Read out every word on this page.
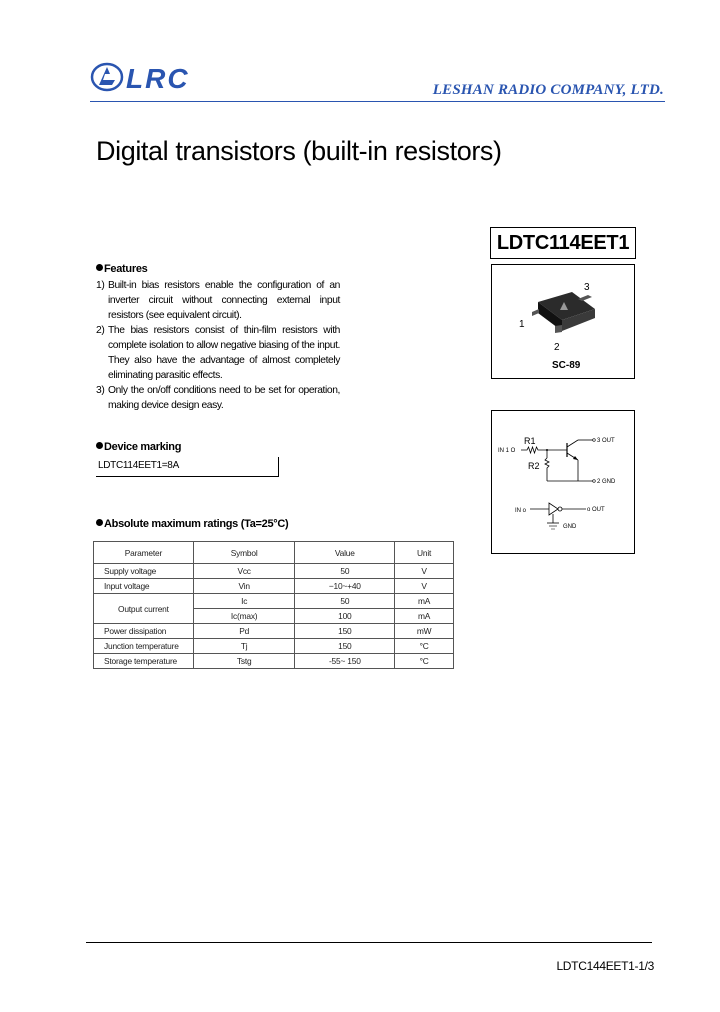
LRC	LESHAN RADIO COMPANY, LTD.
Digital transistors (built-in resistors)
LDTC114EET1
3
1
2
SC-89
R1
IN 1 O
R2
3 OUT
2 GND
IN o	o OUT
GND
Features
1) Built-in bias resistors enable the configuration of an inverter circuit without connecting external input resistors (see equivalent circuit).
2) The bias resistors consist of thin-film resistors with complete isolation to allow negative biasing of the input. They also have the advantage of almost completely eliminating parasitic effects.
3) Only the on/off conditions need to be set for operation, making device design easy.
Device marking
LDTC114EET1=8A
Absolute maximum ratings (Ta=25°C)
Parameter	Symbol	Value	Unit
Supply voltage	Vcc	50	V
Input voltage	Vin	−10~+40	V
Output current	Ic	50	mA
	Ic(max)	100	mA
Power dissipation	Pd	150	mW
Junction temperature	Tj	150	°C
Storage temperature	Tstg	-55~ 150	°C
LDTC144EET1-1/3
